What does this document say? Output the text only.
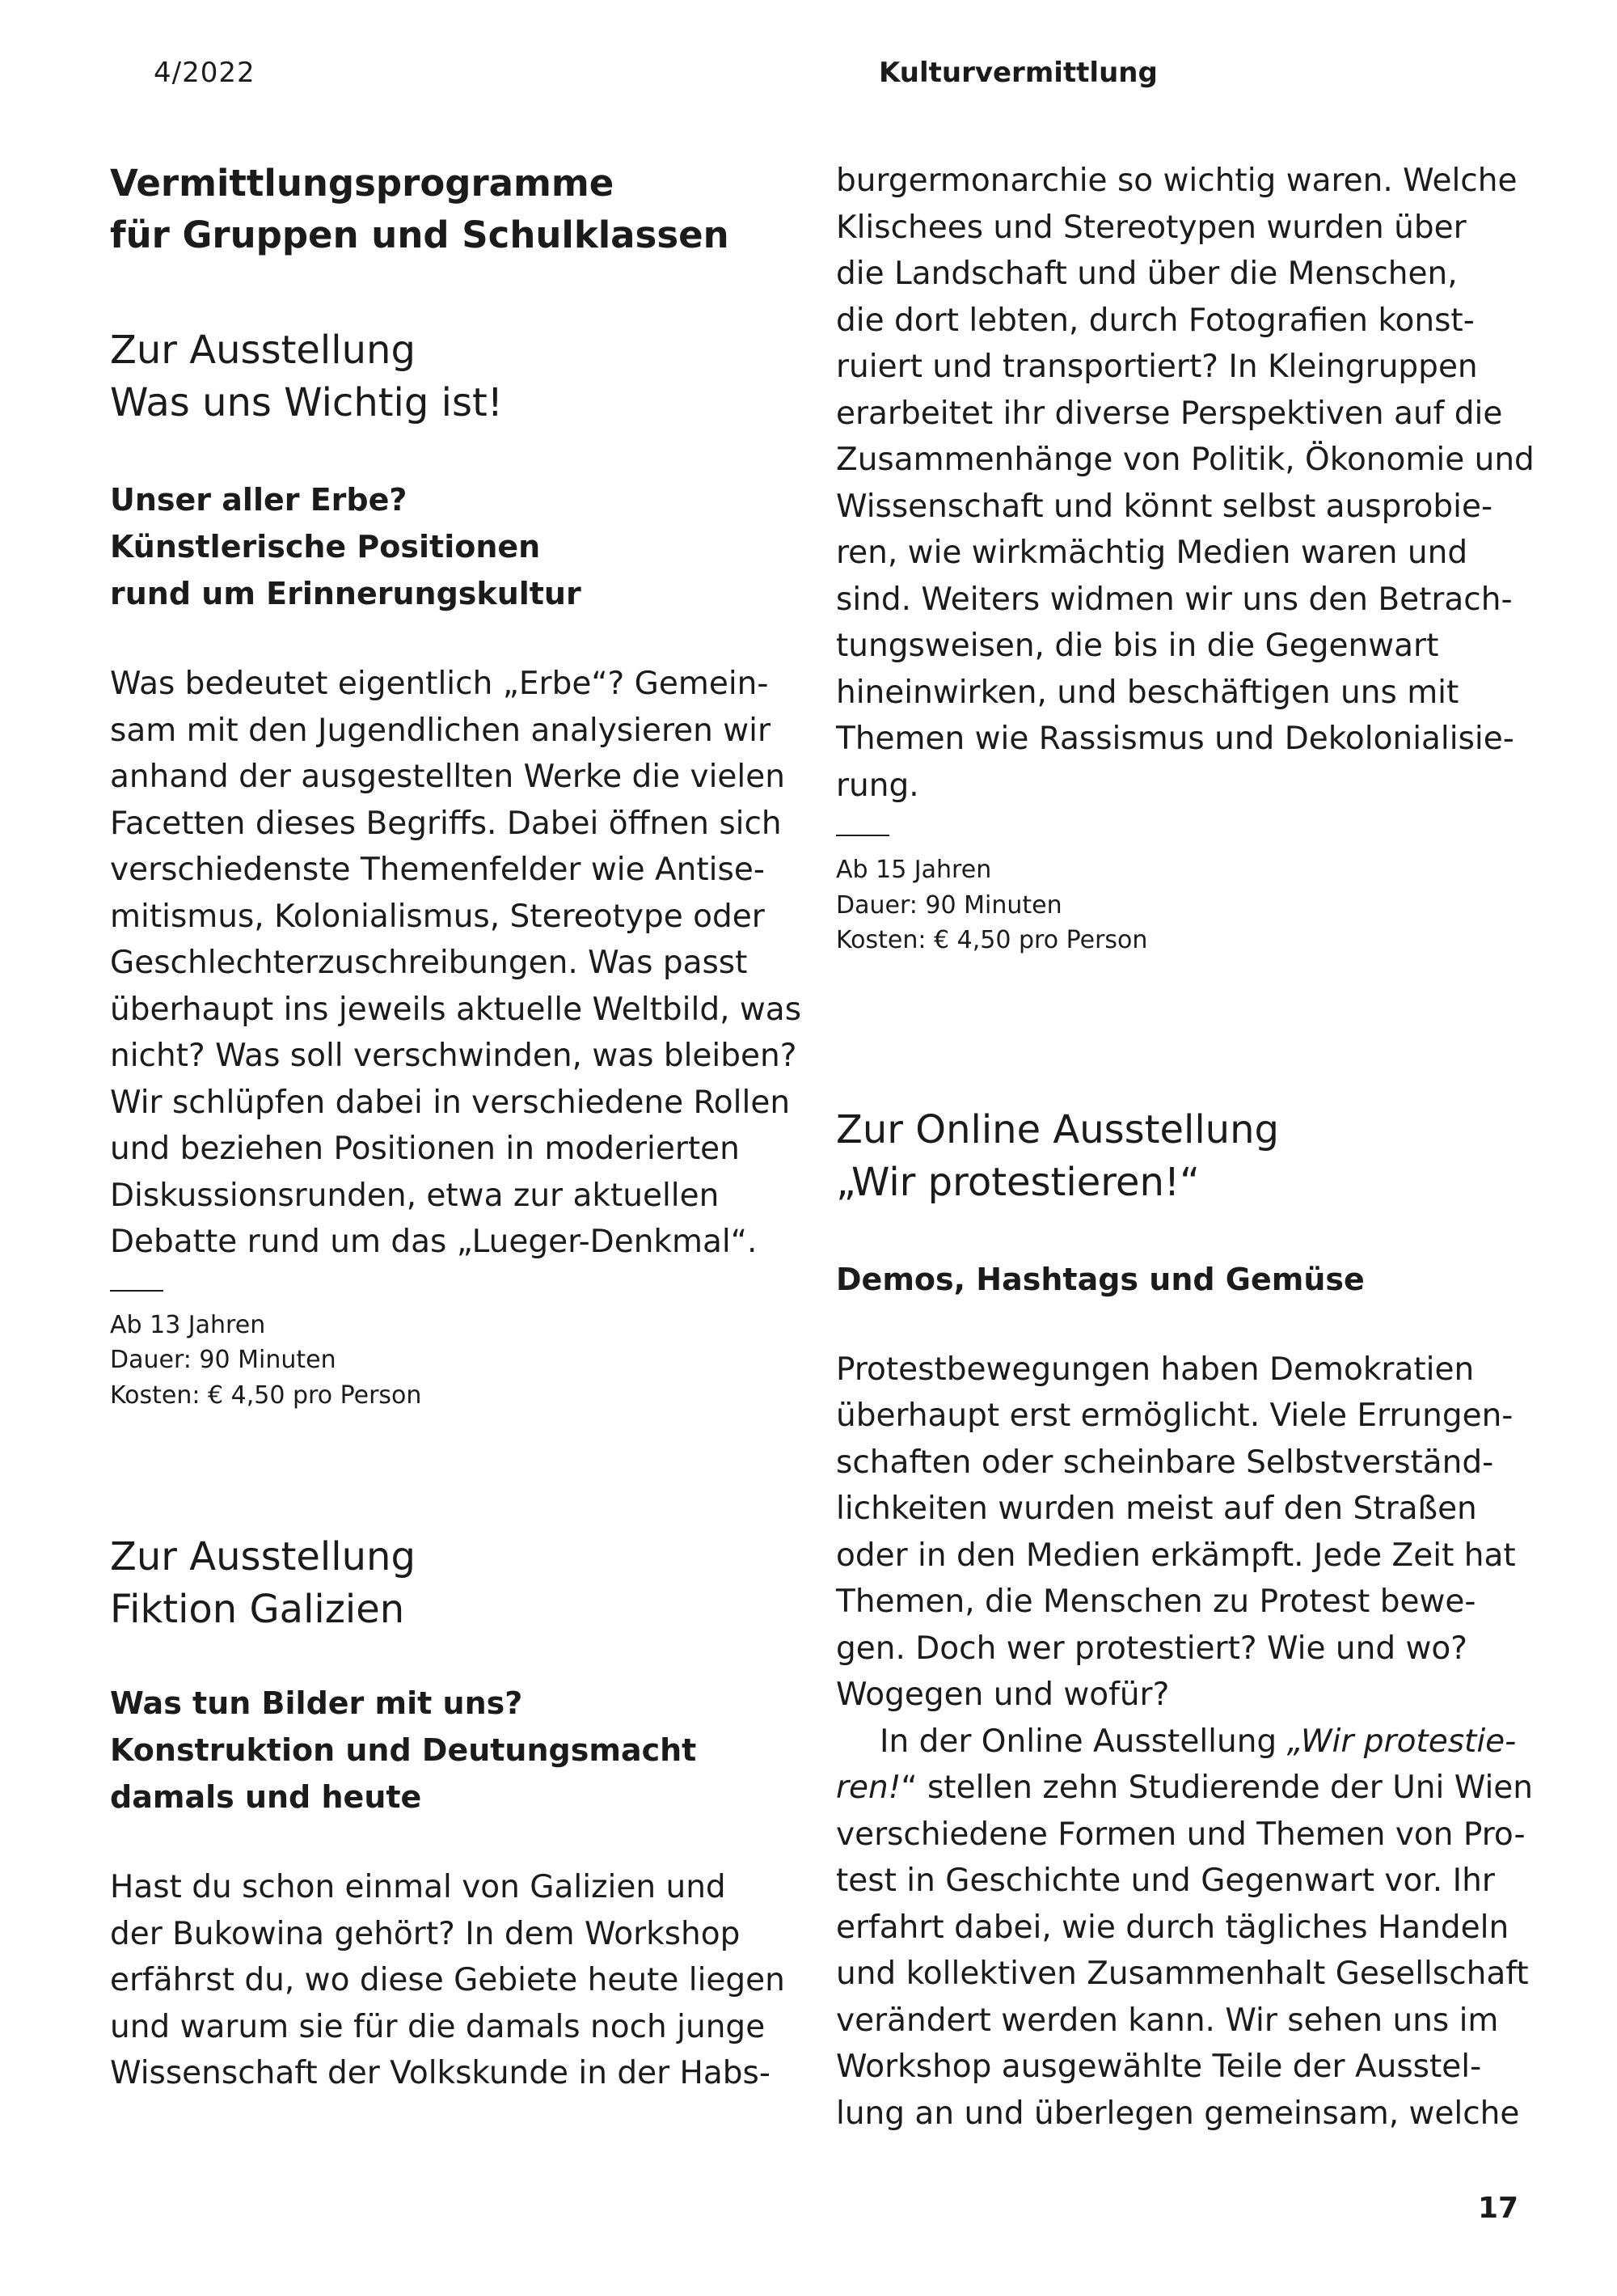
4/2022	Kulturvermittlung
Vermittlungsprogramme
für Gruppen und Schulklassen
Zur Ausstellung
Was uns Wichtig ist!
Unser aller Erbe?
Künstlerische Positionen
rund um Erinnerungskultur

Was bedeutet eigentlich „Erbe“? Gemein-
sam mit den Jugendlichen analysieren wir
anhand der ausgestellten Werke die vielen
Facetten dieses Begriffs. Dabei öffnen sich
verschiedenste Themenfelder wie Antise-
mitismus, Kolonialismus, Stereotype oder
Geschlechterzuschreibungen. Was passt
überhaupt ins jeweils aktuelle Weltbild, was
nicht? Was soll verschwinden, was bleiben?
Wir schlüpfen dabei in verschiedene Rollen
und beziehen Positionen in moderierten
Diskussionsrunden, etwa zur aktuellen
Debatte rund um das „Lueger-Denkmal“.

Ab 13 Jahren

Dauer: 90 Minuten

Kosten: € 4,50 pro Person

Zur Ausstellung
Fiktion Galizien
Was tun Bilder mit uns?
Konstruktion und Deutungsmacht
damals und heute

Hast du schon einmal von Galizien und
der Bukowina gehört? In dem Workshop
erfährst du, wo diese Gebiete heute liegen
und warum sie für die damals noch junge
Wissenschaft der Volkskunde in der Habs-

burgermonarchie so wichtig waren. Welche
Klischees und Stereotypen wurden über
die Landschaft und über die Menschen,
die dort lebten, durch Fotografien konst-
ruiert und transportiert? In Kleingruppen
erarbeitet ihr diverse Perspektiven auf die
Zusammenhänge von Politik, Ökonomie und
Wissenschaft und könnt selbst ausprobie-
ren, wie wirkmächtig Medien waren und
sind. Weiters widmen wir uns den Betrach-
tungsweisen, die bis in die Gegenwart
hineinwirken, und beschäftigen uns mit
Themen wie Rassismus und Dekolonialisie-
rung.

Ab 15 Jahren

Dauer: 90 Minuten

Kosten: € 4,50 pro Person

Zur Online Ausstellung
„Wir protestieren!“
Demos, Hashtags und Gemüse

Protestbewegungen haben Demokratien
überhaupt erst ermöglicht. Viele Errungen-
schaften oder scheinbare Selbstverständ-
lichkeiten wurden meist auf den Straßen
oder in den Medien erkämpft. Jede Zeit hat
Themen, die Menschen zu Protest bewe-
gen. Doch wer protestiert? Wie und wo?
Wogegen und wofür?

In der Online Ausstellung „Wir protestie-
ren!“ stellen zehn Studierende der Uni Wien
verschiedene Formen und Themen von Pro-
test in Geschichte und Gegenwart vor. Ihr
erfahrt dabei, wie durch tägliches Handeln
und kollektiven Zusammenhalt Gesellschaft
verändert werden kann. Wir sehen uns im
Workshop ausgewählte Teile der Ausstel-
lung an und überlegen gemeinsam, welche

17
